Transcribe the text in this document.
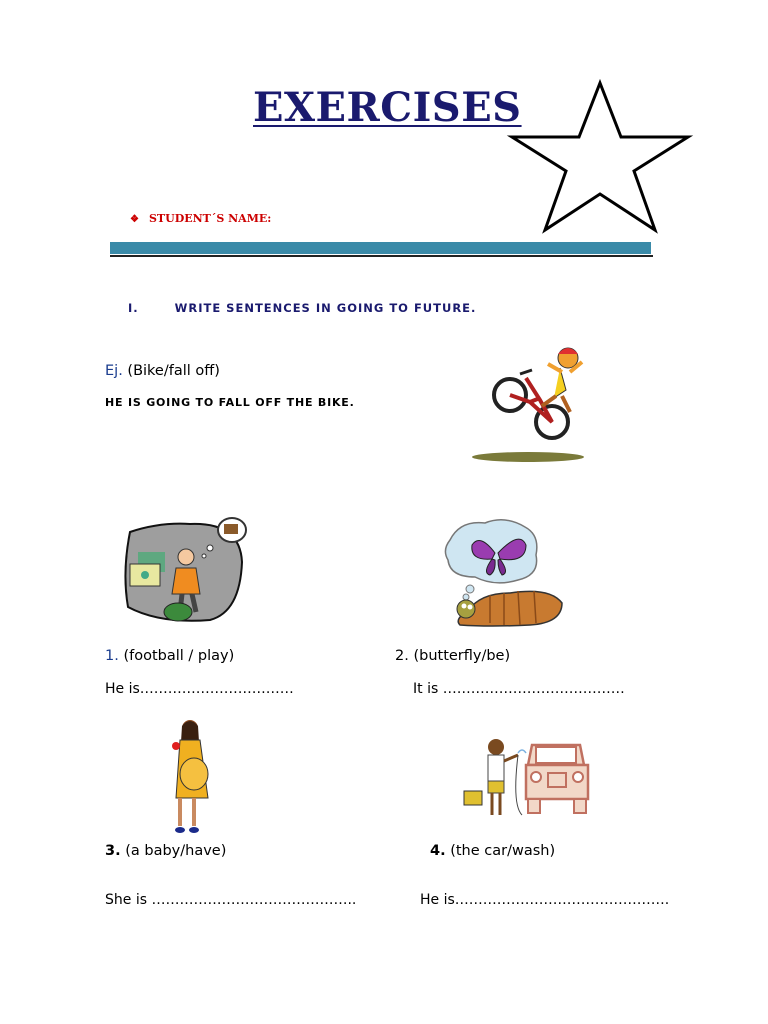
EXERCISES
❖ STUDENT´S NAME:
I.	WRITE SENTENCES IN GOING TO FUTURE.
Ej. (Bike/fall off)
HE IS GOING TO FALL OFF THE BIKE.
1. (football / play)
He is……………………………
2. (butterfly/be)
It is …………………………………
3. (a baby/have)
She is ……………………………………..
4. (the car/wash)
He is……………………………………….
